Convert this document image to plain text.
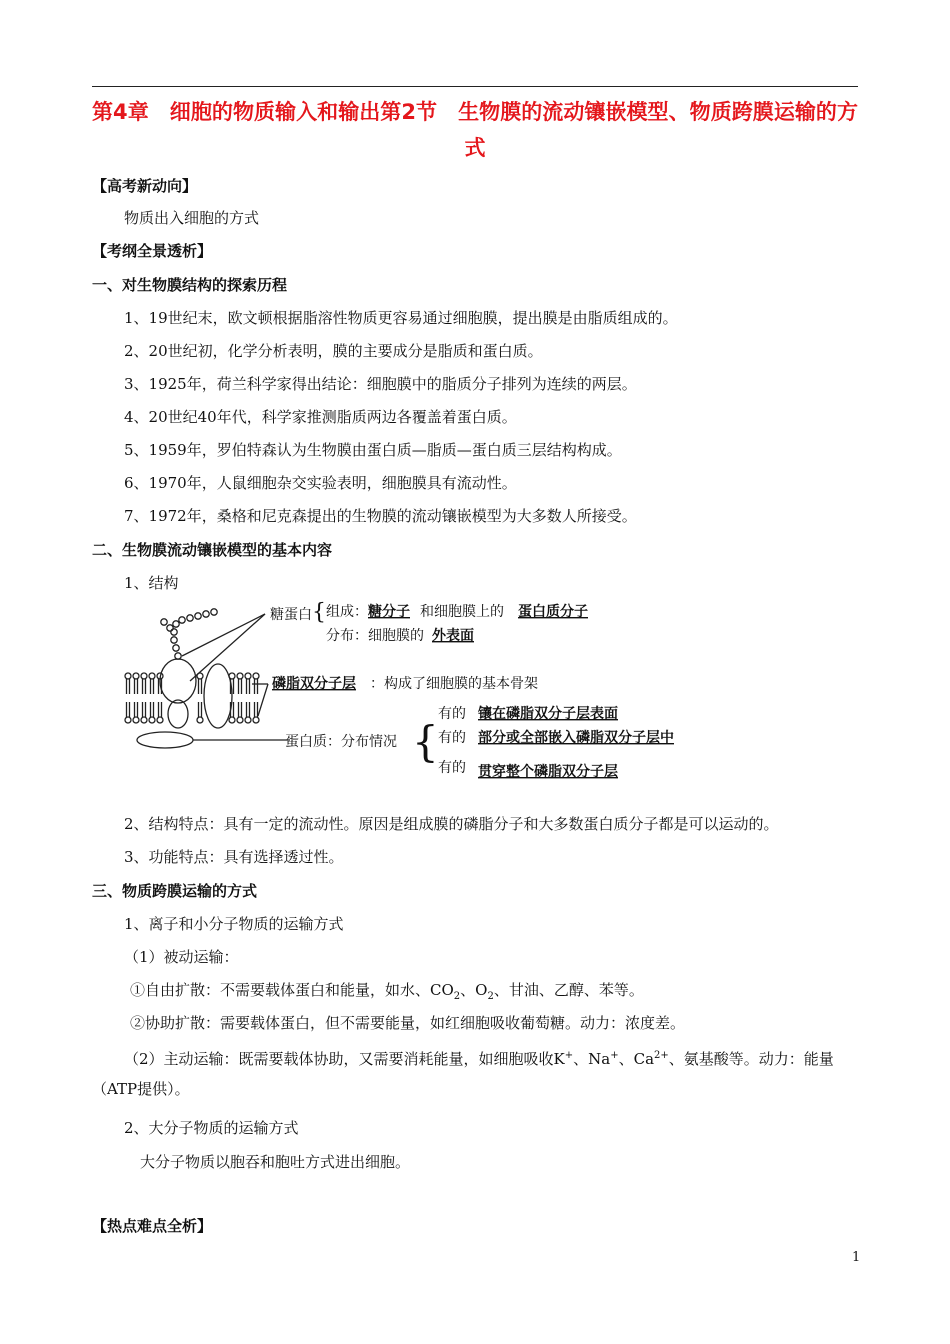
第4章　细胞的物质输入和输出第2节　生物膜的流动镶嵌模型、物质跨膜运输的方式
【高考新动向】
物质出入细胞的方式
【考纲全景透析】
一、对生物膜结构的探索历程
1、19世纪末，欧文顿根据脂溶性物质更容易通过细胞膜，提出膜是由脂质组成的。
2、20世纪初，化学分析表明，膜的主要成分是脂质和蛋白质。
3、1925年，荷兰科学家得出结论：细胞膜中的脂质分子排列为连续的两层。
4、20世纪40年代，科学家推测脂质两边各覆盖着蛋白质。
5、1959年，罗伯特森认为生物膜由蛋白质—脂质—蛋白质三层结构构成。
6、1970年，人鼠细胞杂交实验表明，细胞膜具有流动性。
7、1972年，桑格和尼克森提出的生物膜的流动镶嵌模型为大多数人所接受。
二、生物膜流动镶嵌模型的基本内容
1、结构
糖蛋白 { 组成： 糖分子 和细胞膜上的 蛋白质分子
分布： 细胞膜的 外表面
磷脂双分子层 ：构成了细胞膜的基本骨架
蛋白质：分布情况 {
有的 镶在磷脂双分子层表面
有的 部分或全部嵌入磷脂双分子层中
有的 贯穿整个磷脂双分子层
2、结构特点：具有一定的流动性。原因是组成膜的磷脂分子和大多数蛋白质分子都是可以运动的。
3、功能特点：具有选择透过性。
三、物质跨膜运输的方式
1、离子和小分子物质的运输方式
（1）被动运输：
①自由扩散：不需要载体蛋白和能量，如水、$CO_2$、$O_2$、甘油、乙醇、苯等。
②协助扩散：需要载体蛋白，但不需要能量，如红细胞吸收葡萄糖。动力：浓度差。
（2）主动运输：既需要载体协助，又需要消耗能量，如细胞吸收K+、Na+、$Ca^{2+}$、氨基酸等。动力：能量
（ATP提供）。
2、大分子物质的运输方式
大分子物质以胞吞和胞吐方式进出细胞。
【热点难点全析】
1
